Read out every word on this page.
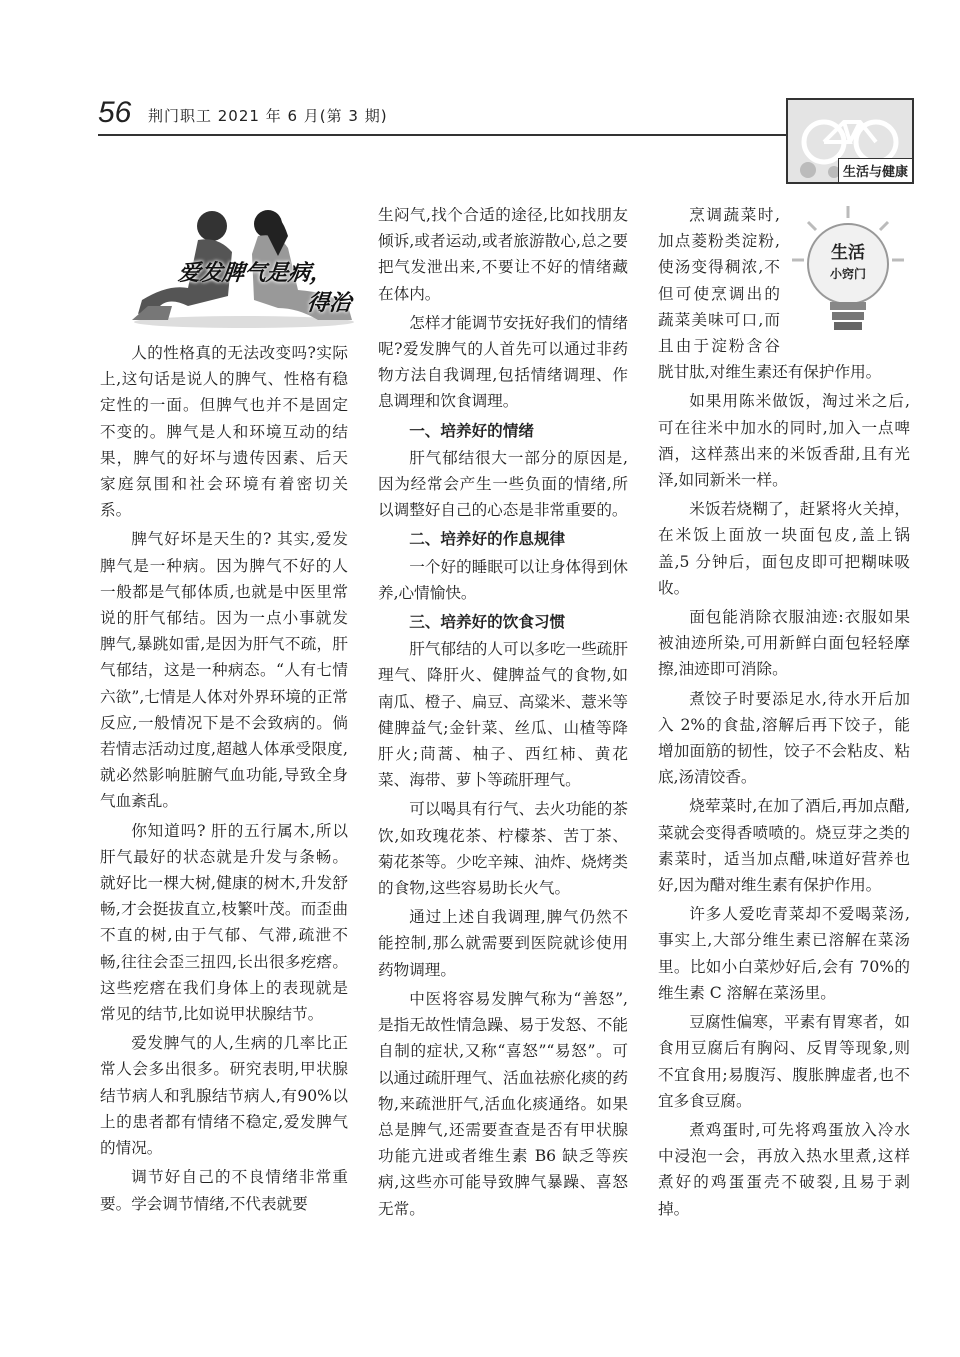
56 荆门职工 2021 年 6 月(第 3 期)
生活与健康
爱发脾气是病，
得治

人的性格真的无法改变吗?实际上,这句话是说人的脾气、性格有稳定性的一面。但脾气也并不是固定不变的。脾气是人和环境互动的结果，脾气的好坏与遗传因素、后天家庭氛围和社会环境有着密切关系。

脾气好坏是天生的? 其实,爱发脾气是一种病。因为脾气不好的人一般都是气郁体质,也就是中医里常说的肝气郁结。因为一点小事就发脾气,暴跳如雷,是因为肝气不疏，肝气郁结，这是一种病态。“人有七情六欲”,七情是人体对外界环境的正常反应,一般情况下是不会致病的。倘若情志活动过度,超越人体承受限度,就必然影响脏腑气血功能,导致全身气血紊乱。

你知道吗? 肝的五行属木,所以肝气最好的状态就是升发与条畅。就好比一棵大树,健康的树木,升发舒畅,才会挺拔直立,枝繁叶茂。而歪曲不直的树,由于气郁、气滞,疏泄不畅,往往会歪三扭四,长出很多疙瘩。这些疙瘩在我们身体上的表现就是常见的结节,比如说甲状腺结节。

爱发脾气的人,生病的几率比正常人会多出很多。研究表明,甲状腺结节病人和乳腺结节病人,有90%以上的患者都有情绪不稳定,爱发脾气的情况。

调节好自己的不良情绪非常重要。学会调节情绪,不代表就要

生闷气,找个合适的途径,比如找朋友倾诉,或者运动,或者旅游散心,总之要把气发泄出来,不要让不好的情绪藏在体内。

怎样才能调节安抚好我们的情绪呢?爱发脾气的人首先可以通过非药物方法自我调理,包括情绪调理、作息调理和饮食调理。

一、培养好的情绪

肝气郁结很大一部分的原因是,因为经常会产生一些负面的情绪,所以调整好自己的心态是非常重要的。

二、培养好的作息规律

一个好的睡眠可以让身体得到休养,心情愉快。

三、培养好的饮食习惯

肝气郁结的人可以多吃一些疏肝理气、降肝火、健脾益气的食物,如南瓜、橙子、扁豆、高粱米、薏米等健脾益气;金针菜、丝瓜、山楂等降肝火;茼蒿、柚子、西红柿、黄花菜、海带、萝卜等疏肝理气。

可以喝具有行气、去火功能的茶饮,如玫瑰花茶、柠檬茶、苦丁茶、菊花茶等。少吃辛辣、油炸、烧烤类的食物,这些容易助长火气。

通过上述自我调理,脾气仍然不能控制,那么就需要到医院就诊使用药物调理。

中医将容易发脾气称为“善怒”,是指无故性情急躁、易于发怒、不能自制的症状,又称“喜怒”“易怒”。可以通过疏肝理气、活血祛瘀化痰的药物,来疏泄肝气,活血化痰通络。如果总是脾气,还需要查查是否有甲状腺功能亢进或者维生素 B6 缺乏等疾病,这些亦可能导致脾气暴躁、喜怒无常。

生活
小窍门

烹调蔬菜时,加点菱粉类淀粉,使汤变得稠浓,不但可使烹调出的蔬菜美味可口,而且由于淀粉含谷胱甘肽,对维生素还有保护作用。

如果用陈米做饭，淘过米之后,可在往米中加水的同时,加入一点啤酒，这样蒸出来的米饭香甜,且有光泽,如同新米一样。

米饭若烧糊了，赶紧将火关掉，在米饭上面放一块面包皮,盖上锅盖,5 分钟后，面包皮即可把糊味吸收。

面包能消除衣服油迹:衣服如果被油迹所染,可用新鲜白面包轻轻摩擦,油迹即可消除。

煮饺子时要添足水,待水开后加入 2%的食盐,溶解后再下饺子，能增加面筋的韧性，饺子不会粘皮、粘底,汤清饺香。

烧荤菜时,在加了酒后,再加点醋,菜就会变得香喷喷的。烧豆芽之类的素菜时，适当加点醋,味道好营养也好,因为醋对维生素有保护作用。

许多人爱吃青菜却不爱喝菜汤,事实上,大部分维生素已溶解在菜汤里。比如小白菜炒好后,会有 70%的维生素 C 溶解在菜汤里。

豆腐性偏寒，平素有胃寒者，如食用豆腐后有胸闷、反胃等现象,则不宜食用;易腹泻、腹胀脾虚者,也不宜多食豆腐。

煮鸡蛋时,可先将鸡蛋放入冷水中浸泡一会，再放入热水里煮,这样煮好的鸡蛋蛋壳不破裂,且易于剥掉。
